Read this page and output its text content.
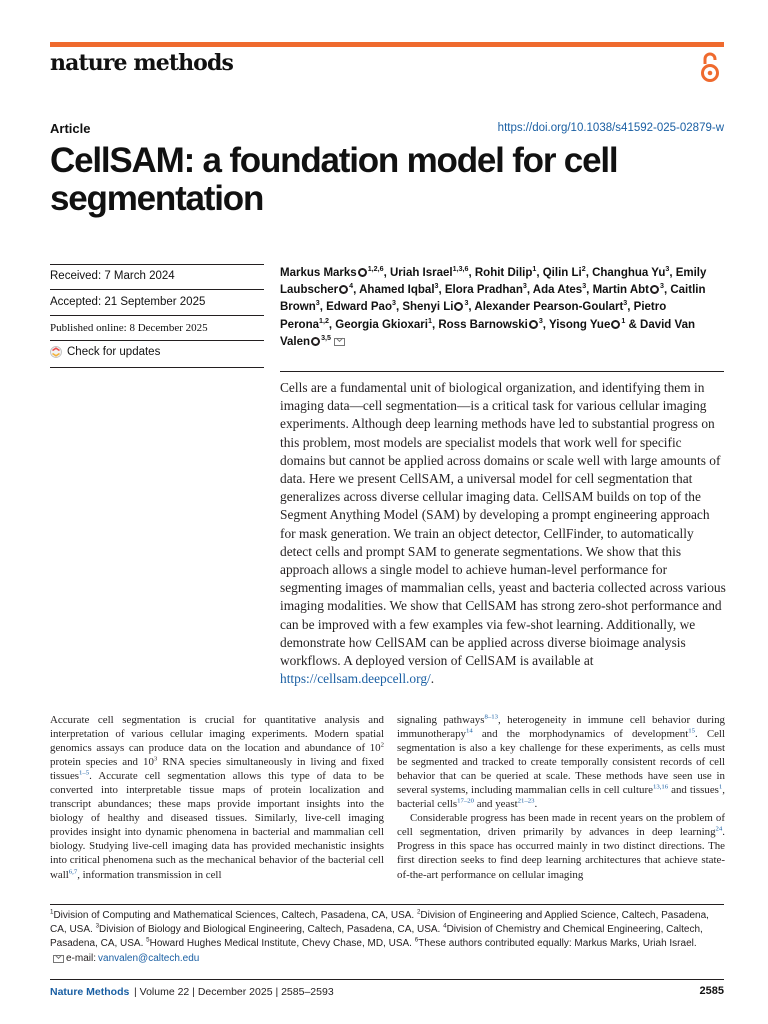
nature methods
Article	https://doi.org/10.1038/s41592-025-02879-w
CellSAM: a foundation model for cell segmentation
Received: 7 March 2024
Accepted: 21 September 2025
Published online: 8 December 2025
Check for updates
Markus Marks $^{1,2,6}$, Uriah Israel$^{1,3,6}$, Rohit Dilip$^1$, Qilin Li$^2$, Changhua Yu$^3$, Emily Laubscher $^4$, Ahamed Iqbal$^3$, Elora Pradhan$^3$, Ada Ates$^3$, Martin Abt $^3$, Caitlin Brown$^3$, Edward Pao$^3$, Shenyi Li $^3$, Alexander Pearson-Goulart$^3$, Pietro Perona$^{1,2}$, Georgia Gkioxari$^1$, Ross Barnowski $^3$, Yisong Yue $^1$ & David Van Valen $^{3,5}$
Cells are a fundamental unit of biological organization, and identifying them in imaging data—cell segmentation—is a critical task for various cellular imaging experiments. Although deep learning methods have led to substantial progress on this problem, most models are specialist models that work well for specific domains but cannot be applied across domains or scale well with large amounts of data. Here we present CellSAM, a universal model for cell segmentation that generalizes across diverse cellular imaging data. CellSAM builds on top of the Segment Anything Model (SAM) by developing a prompt engineering approach for mask generation. We train an object detector, CellFinder, to automatically detect cells and prompt SAM to generate segmentations. We show that this approach allows a single model to achieve human-level performance for segmenting images of mammalian cells, yeast and bacteria collected across various imaging modalities. We show that CellSAM has strong zero-shot performance and can be improved with a few examples via few-shot learning. Additionally, we demonstrate how CellSAM can be applied across diverse bioimage analysis workflows. A deployed version of CellSAM is available at https://cellsam.deepcell.org/.

Accurate cell segmentation is crucial for quantitative analysis and interpretation of various cellular imaging experiments. Modern spatial genomics assays can produce data on the location and abundance of $10^2$ protein species and $10^3$ RNA species simultaneously in living and fixed tissues$^{1-5}$. Accurate cell segmentation allows this type of data to be converted into interpretable tissue maps of protein localization and transcript abundances; these maps provide important insights into the biology of healthy and diseased tissues. Similarly, live-cell imaging provides insight into dynamic phenomena in bacterial and mammalian cell biology. Studying live-cell imaging data has provided mechanistic insights into critical phenomena such as the mechanical behavior of the bacterial cell wall$^{6,7}$, information transmission in cell

signaling pathways$^{8-13}$, heterogeneity in immune cell behavior during immunotherapy$^{14}$ and the morphodynamics of development$^{15}$. Cell segmentation is also a key challenge for these experiments, as cells must be segmented and tracked to create temporally consistent records of cell behavior that can be queried at scale. These methods have seen use in several systems, including mammalian cells in cell culture$^{13,16}$ and tissues$^1$, bacterial cells$^{17-20}$ and yeast$^{21-23}$.

Considerable progress has been made in recent years on the problem of cell segmentation, driven primarily by advances in deep learning$^{24}$. Progress in this space has occurred mainly in two distinct directions. The first direction seeks to find deep learning architectures that achieve state-of-the-art performance on cellular imaging

$^1$Division of Computing and Mathematical Sciences, Caltech, Pasadena, CA, USA. $^2$Division of Engineering and Applied Science, Caltech, Pasadena, CA, USA. $^3$Division of Biology and Biological Engineering, Caltech, Pasadena, CA, USA. $^4$Division of Chemistry and Chemical Engineering, Caltech, Pasadena, CA, USA. $^5$Howard Hughes Medical Institute, Chevy Chase, MD, USA. $^6$These authors contributed equally: Markus Marks, Uriah Israel.
e-mail: vanvalen@caltech.edu
Nature Methods | Volume 22 | December 2025 | 2585–2593	2585
